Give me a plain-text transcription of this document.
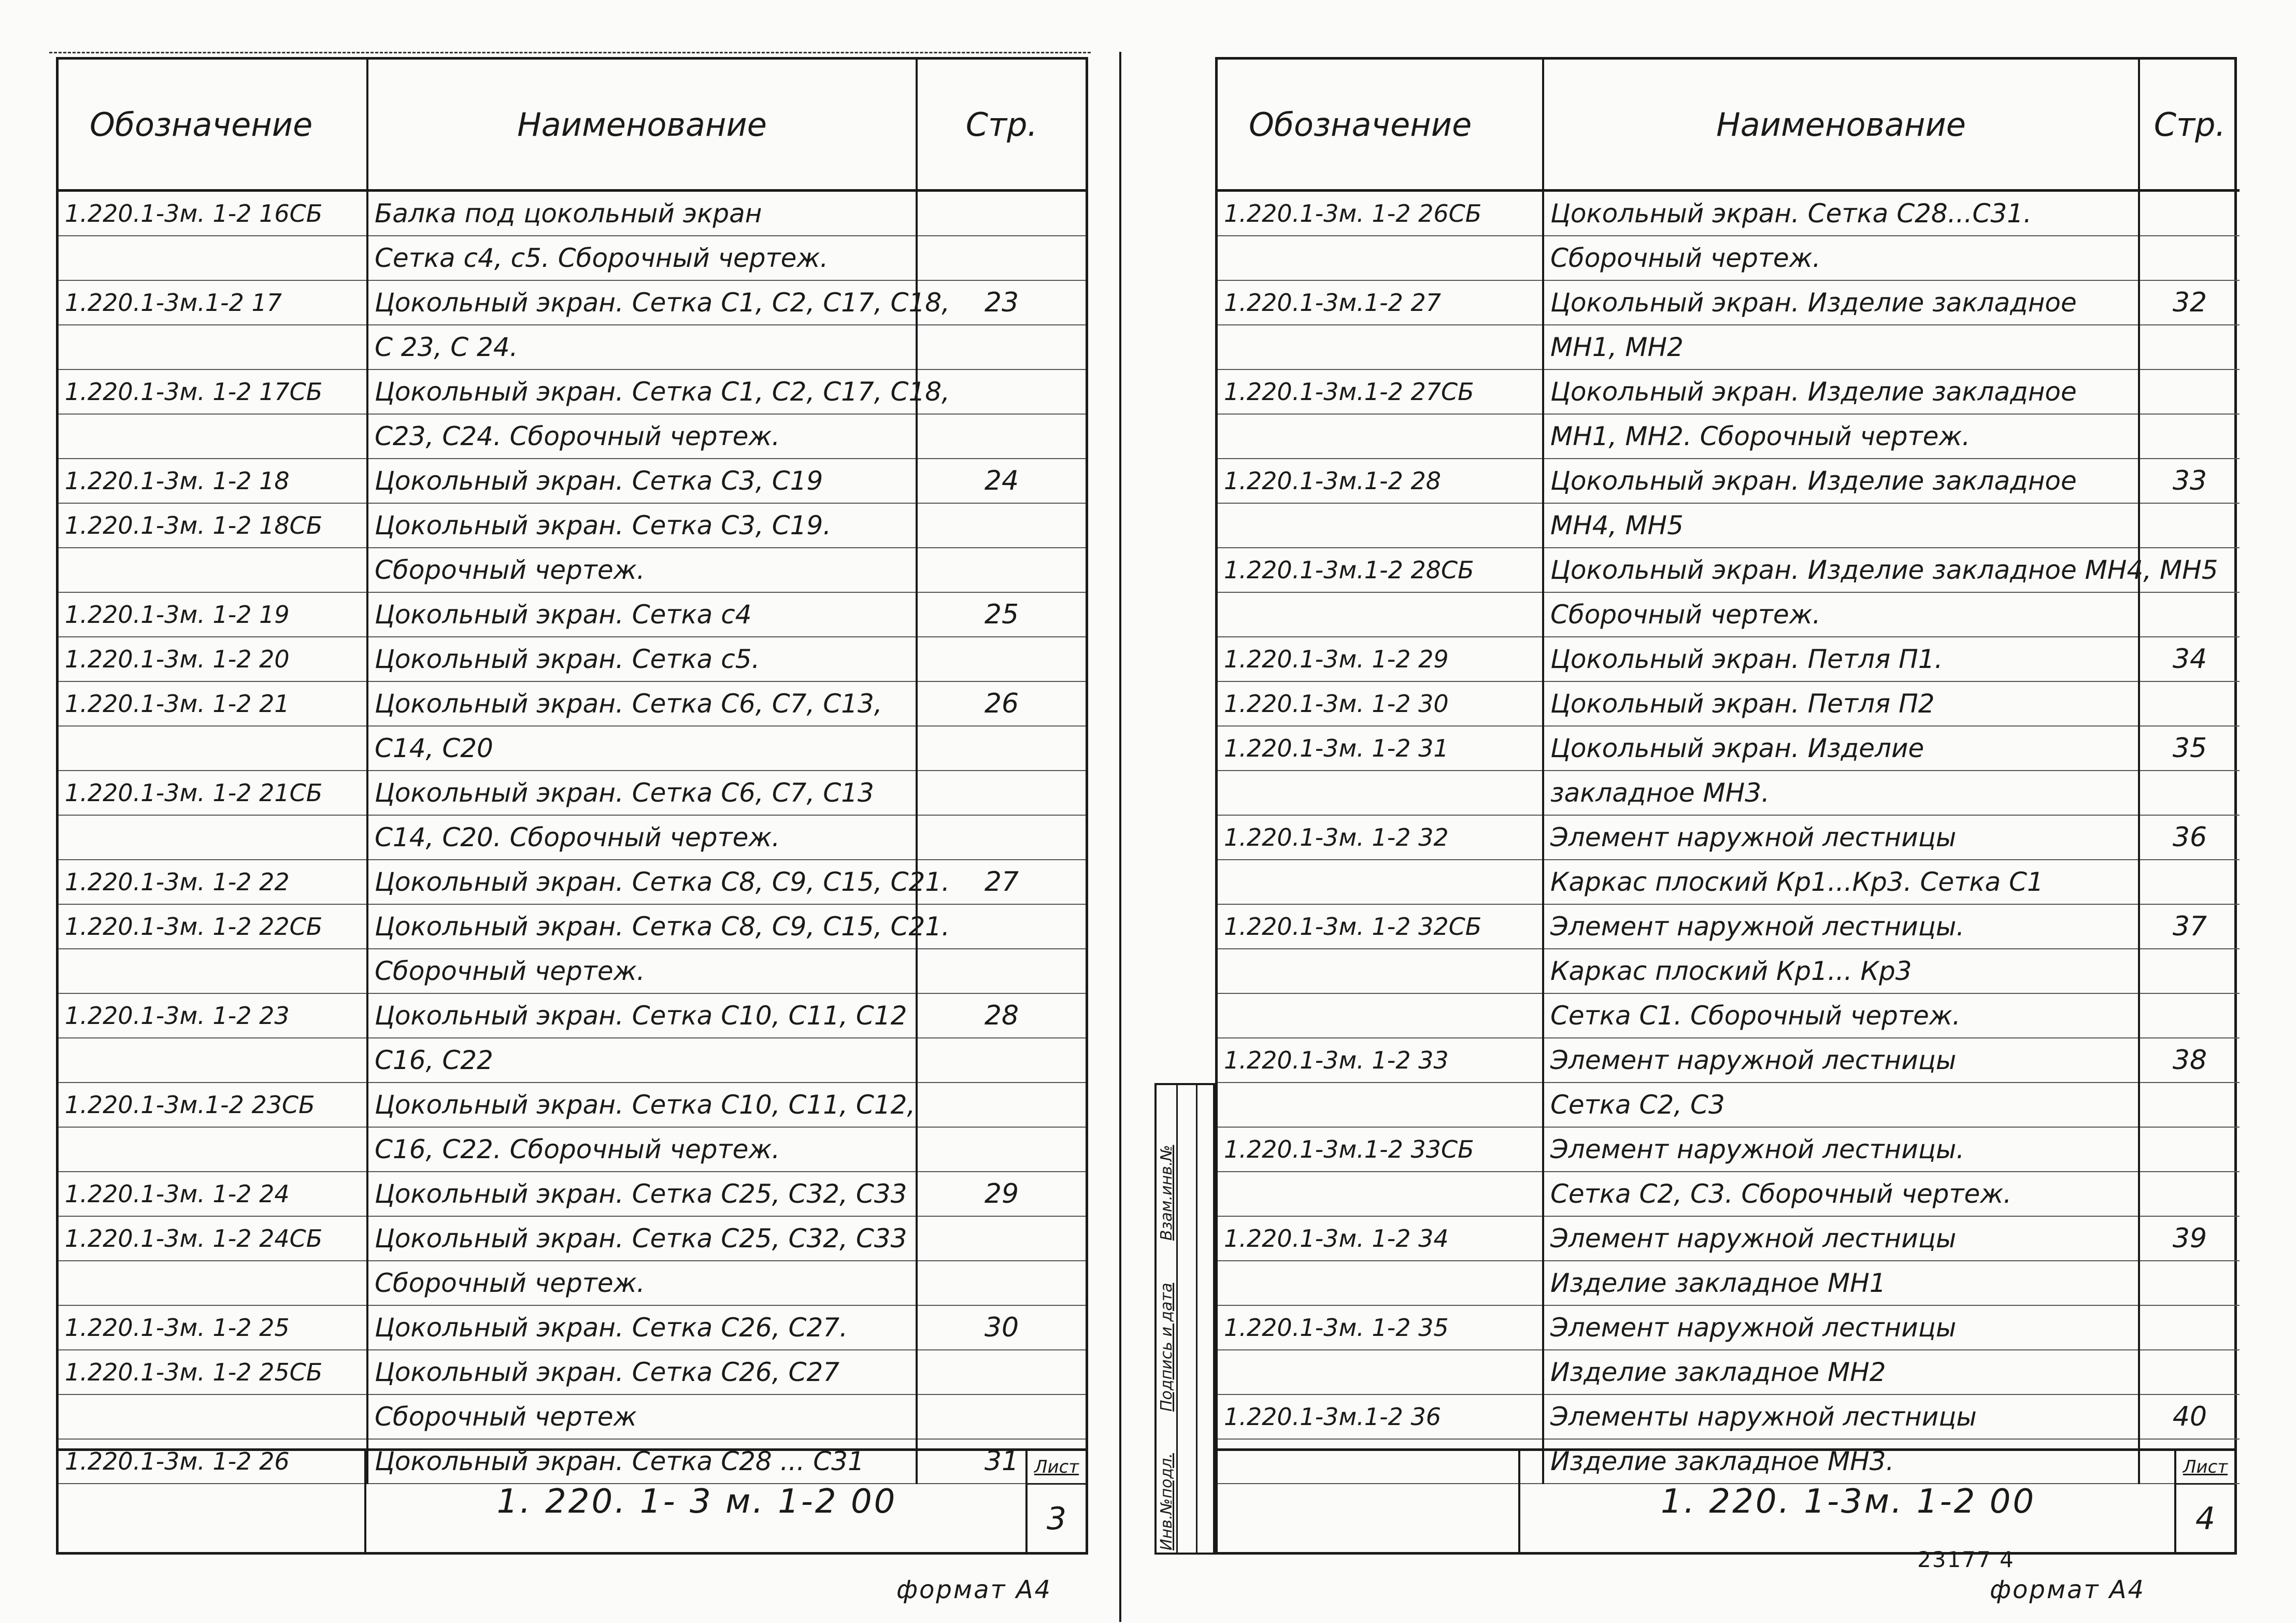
Обозначение	Наименование	Стр.
1.220.1-3м. 1-2 16СБ	Балка под цокольный экран	
	Сетка с4, с5. Сборочный чертеж.	
1.220.1-3м.1-2 17	Цокольный экран. Сетка С1, С2, С17, С18,	23
	С 23, С 24.	
1.220.1-3м. 1-2 17СБ	Цокольный экран. Сетка С1, С2, С17, С18,	
	С23, С24. Сборочный чертеж.	
1.220.1-3м. 1-2 18	Цокольный экран. Сетка С3, С19	24
1.220.1-3м. 1-2 18СБ	Цокольный экран. Сетка С3, С19.	
	Сборочный чертеж.	
1.220.1-3м. 1-2 19	Цокольный экран. Сетка с4	25
1.220.1-3м. 1-2 20	Цокольный экран. Сетка с5.	
1.220.1-3м. 1-2 21	Цокольный экран. Сетка С6, С7, С13,	26
	С14, С20	
1.220.1-3м. 1-2 21СБ	Цокольный экран. Сетка С6, С7, С13	
	С14, С20. Сборочный чертеж.	
1.220.1-3м. 1-2 22	Цокольный экран. Сетка С8, С9, С15, С21.	27
1.220.1-3м. 1-2 22СБ	Цокольный экран. Сетка С8, С9, С15, С21.	
	Сборочный чертеж.	
1.220.1-3м. 1-2 23	Цокольный экран. Сетка С10, С11, С12	28
	С16, С22	
1.220.1-3м.1-2 23СБ	Цокольный экран. Сетка С10, С11, С12,	
	С16, С22. Сборочный чертеж.	
1.220.1-3м. 1-2 24	Цокольный экран. Сетка С25, С32, С33	29
1.220.1-3м. 1-2 24СБ	Цокольный экран. Сетка С25, С32, С33	
	Сборочный чертеж.	
1.220.1-3м. 1-2 25	Цокольный экран. Сетка С26, С27.	30
1.220.1-3м. 1-2 25СБ	Цокольный экран. Сетка С26, С27	
	Сборочный чертеж	
1.220.1-3м. 1-2 26	Цокольный экран. Сетка С28 ... С31	31
1. 220. 1- 3 м. 1-2 00
Лист
3
формат А4
Инв.№подл.
Подпись и дата
Взам.инв.№
Обозначение	Наименование	Стр.
1.220.1-3м. 1-2 26СБ	Цокольный экран. Сетка С28...С31.	
	Сборочный чертеж.	
1.220.1-3м.1-2 27	Цокольный экран. Изделие закладное	32
	МН1, МН2	
1.220.1-3м.1-2 27СБ	Цокольный экран. Изделие закладное	
	МН1, МН2. Сборочный чертеж.	
1.220.1-3м.1-2 28	Цокольный экран. Изделие закладное	33
	МН4, МН5	
1.220.1-3м.1-2 28СБ	Цокольный экран. Изделие закладное МН4, МН5	
	Сборочный чертеж.	
1.220.1-3м. 1-2 29	Цокольный экран. Петля П1.	34
1.220.1-3м. 1-2 30	Цокольный экран. Петля П2	
1.220.1-3м. 1-2 31	Цокольный экран. Изделие	35
	закладное МН3.	
1.220.1-3м. 1-2 32	Элемент наружной лестницы	36
	Каркас плоский Кр1...Кр3. Сетка С1	
1.220.1-3м. 1-2 32СБ	Элемент наружной лестницы.	37
	Каркас плоский Кр1... Кр3	
	Сетка С1. Сборочный чертеж.	
1.220.1-3м. 1-2 33	Элемент наружной лестницы	38
	Сетка С2, С3	
1.220.1-3м.1-2 33СБ	Элемент наружной лестницы.	
	Сетка С2, С3. Сборочный чертеж.	
1.220.1-3м. 1-2 34	Элемент наружной лестницы	39
	Изделие закладное МН1	
1.220.1-3м. 1-2 35	Элемент наружной лестницы	
	Изделие закладное МН2	
1.220.1-3м.1-2 36	Элементы наружной лестницы	40
	Изделие закладное МН3.	
1. 220. 1-3м. 1-2 00
Лист
4
23177 4
формат А4
